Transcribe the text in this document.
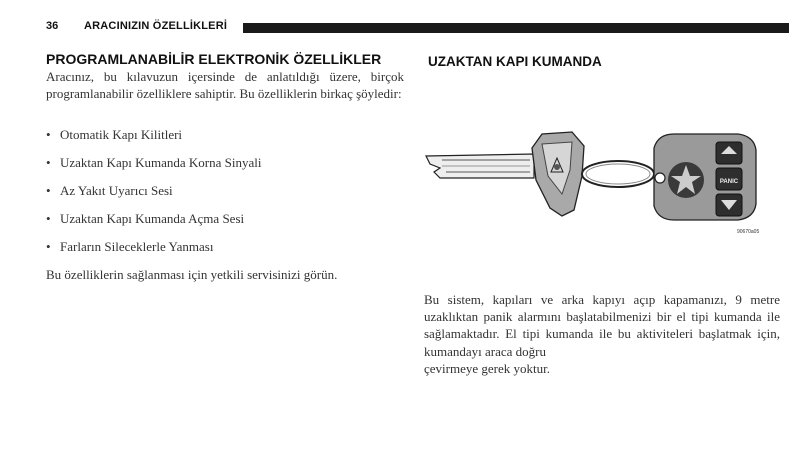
36 ARACINIZIN ÖZELLİKLERİ
PROGRAMLANABİLİR ELEKTRONİK ÖZELLİKLER

Aracınız, bu kılavuzun içersinde de anlatıldığı üzere, birçok programlanabilir özelliklere sahiptir. Bu özelliklerin birkaç şöyledir:

• Otomatik Kapı Kilitleri
• Uzaktan Kapı Kumanda Korna Sinyali
• Az Yakıt Uyarıcı Sesi
• Uzaktan Kapı Kumanda Açma Sesi
• Farların Sileceklerle Yanması

Bu özelliklerin sağlanması için yetkili servisinizi görün.

UZAKTAN KAPI KUMANDA
PANIC
90670a05
Bu sistem, kapıları ve arka kapıyı açıp kapamanızı, 9 metre uzaklıktan panik alarmını başlatabilmenizi bir el tipi kumanda ile sağlamaktadır. El tipi kumanda ile bu aktiviteleri başlatmak için, kumandayı araca doğru
çevirmeye gerek yoktur.
